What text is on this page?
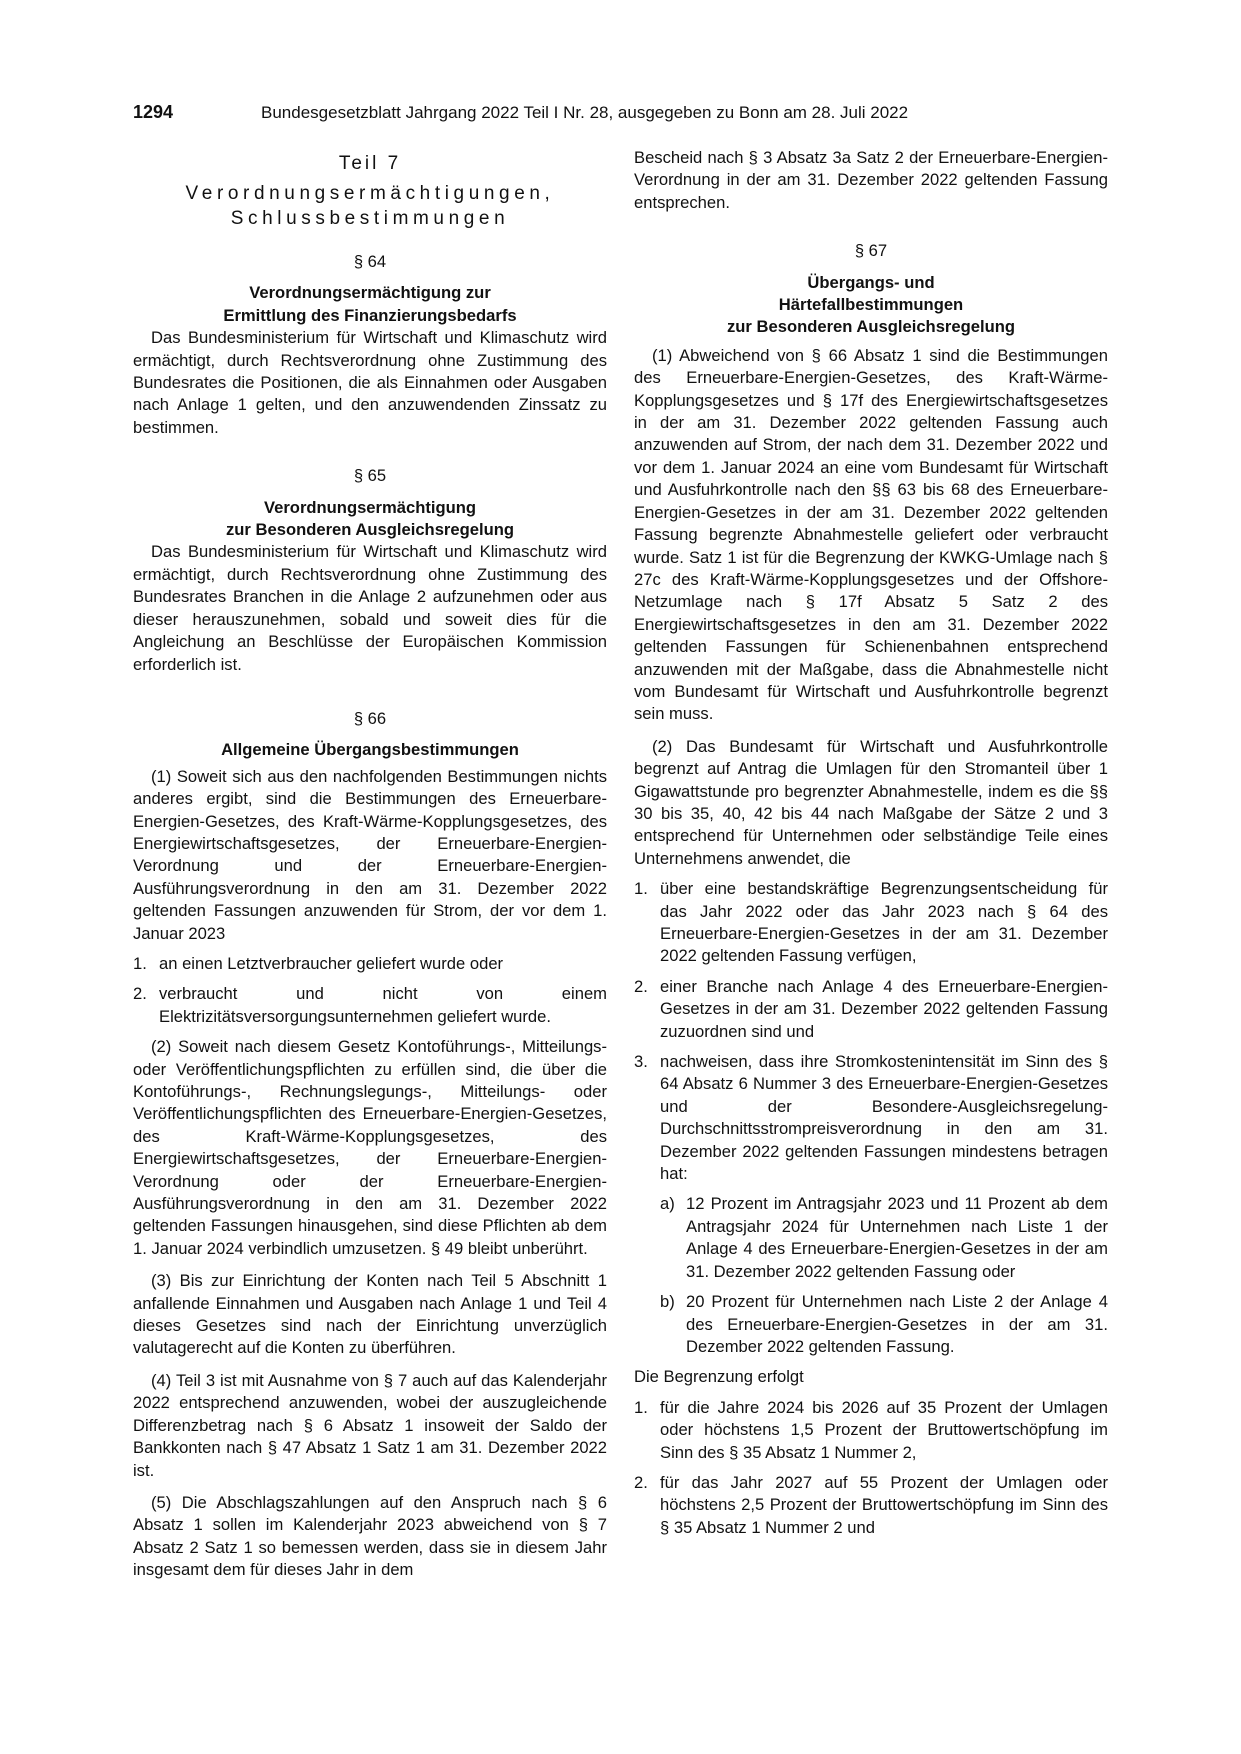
1294	Bundesgesetzblatt Jahrgang 2022 Teil I Nr. 28, ausgegeben zu Bonn am 28. Juli 2022
Teil 7
Verordnungsermächtigungen,
Schlussbestimmungen
§ 64
Verordnungsermächtigung zur
Ermittlung des Finanzierungsbedarfs

Das Bundesministerium für Wirtschaft und Klimaschutz wird ermächtigt, durch Rechtsverordnung ohne Zustimmung des Bundesrates die Positionen, die als Einnahmen oder Ausgaben nach Anlage 1 gelten, und den anzuwendenden Zinssatz zu bestimmen.

§ 65
Verordnungsermächtigung
zur Besonderen Ausgleichsregelung

Das Bundesministerium für Wirtschaft und Klimaschutz wird ermächtigt, durch Rechtsverordnung ohne Zustimmung des Bundesrates Branchen in die Anlage 2 aufzunehmen oder aus dieser herauszunehmen, sobald und soweit dies für die Angleichung an Beschlüsse der Europäischen Kommission erforderlich ist.

§ 66
Allgemeine Übergangsbestimmungen

(1) Soweit sich aus den nachfolgenden Bestimmungen nichts anderes ergibt, sind die Bestimmungen des Erneuerbare-Energien-Gesetzes, des Kraft-Wärme-Kopplungsgesetzes, des Energiewirtschaftsgesetzes, der Erneuerbare-Energien-Verordnung und der Erneuerbare-Energien-Ausführungsverordnung in den am 31. Dezember 2022 geltenden Fassungen anzuwenden für Strom, der vor dem 1. Januar 2023

1. an einen Letztverbraucher geliefert wurde oder
2. verbraucht und nicht von einem Elektrizitätsversorgungsunternehmen geliefert wurde.

(2) Soweit nach diesem Gesetz Kontoführungs-, Mitteilungs- oder Veröffentlichungspflichten zu erfüllen sind, die über die Kontoführungs-, Rechnungslegungs-, Mitteilungs- oder Veröffentlichungspflichten des Erneuerbare-Energien-Gesetzes, des Kraft-Wärme-Kopplungsgesetzes, des Energiewirtschaftsgesetzes, der Erneuerbare-Energien-Verordnung oder der Erneuerbare-Energien-Ausführungsverordnung in den am 31. Dezember 2022 geltenden Fassungen hinausgehen, sind diese Pflichten ab dem 1. Januar 2024 verbindlich umzusetzen. § 49 bleibt unberührt.

(3) Bis zur Einrichtung der Konten nach Teil 5 Abschnitt 1 anfallende Einnahmen und Ausgaben nach Anlage 1 und Teil 4 dieses Gesetzes sind nach der Einrichtung unverzüglich valutagerecht auf die Konten zu überführen.

(4) Teil 3 ist mit Ausnahme von § 7 auch auf das Kalenderjahr 2022 entsprechend anzuwenden, wobei der auszugleichende Differenzbetrag nach § 6 Absatz 1 insoweit der Saldo der Bankkonten nach § 47 Absatz 1 Satz 1 am 31. Dezember 2022 ist.

(5) Die Abschlagszahlungen auf den Anspruch nach § 6 Absatz 1 sollen im Kalenderjahr 2023 abweichend von § 7 Absatz 2 Satz 1 so bemessen werden, dass sie in diesem Jahr insgesamt dem für dieses Jahr in dem

Bescheid nach § 3 Absatz 3a Satz 2 der Erneuerbare-Energien-Verordnung in der am 31. Dezember 2022 geltenden Fassung entsprechen.

§ 67
Übergangs- und
Härtefallbestimmungen
zur Besonderen Ausgleichsregelung

(1) Abweichend von § 66 Absatz 1 sind die Bestimmungen des Erneuerbare-Energien-Gesetzes, des Kraft-Wärme-Kopplungsgesetzes und § 17f des Energiewirtschaftsgesetzes in der am 31. Dezember 2022 geltenden Fassung auch anzuwenden auf Strom, der nach dem 31. Dezember 2022 und vor dem 1. Januar 2024 an eine vom Bundesamt für Wirtschaft und Ausfuhrkontrolle nach den §§ 63 bis 68 des Erneuerbare-Energien-Gesetzes in der am 31. Dezember 2022 geltenden Fassung begrenzte Abnahmestelle geliefert oder verbraucht wurde. Satz 1 ist für die Begrenzung der KWKG-Umlage nach § 27c des Kraft-Wärme-Kopplungsgesetzes und der Offshore-Netzumlage nach § 17f Absatz 5 Satz 2 des Energiewirtschaftsgesetzes in den am 31. Dezember 2022 geltenden Fassungen für Schienenbahnen entsprechend anzuwenden mit der Maßgabe, dass die Abnahmestelle nicht vom Bundesamt für Wirtschaft und Ausfuhrkontrolle begrenzt sein muss.

(2) Das Bundesamt für Wirtschaft und Ausfuhrkontrolle begrenzt auf Antrag die Umlagen für den Stromanteil über 1 Gigawattstunde pro begrenzter Abnahmestelle, indem es die §§ 30 bis 35, 40, 42 bis 44 nach Maßgabe der Sätze 2 und 3 entsprechend für Unternehmen oder selbständige Teile eines Unternehmens anwendet, die

1. über eine bestandskräftige Begrenzungsentscheidung für das Jahr 2022 oder das Jahr 2023 nach § 64 des Erneuerbare-Energien-Gesetzes in der am 31. Dezember 2022 geltenden Fassung verfügen,
2. einer Branche nach Anlage 4 des Erneuerbare-Energien-Gesetzes in der am 31. Dezember 2022 geltenden Fassung zuzuordnen sind und
3. nachweisen, dass ihre Stromkostenintensität im Sinn des § 64 Absatz 6 Nummer 3 des Erneuerbare-Energien-Gesetzes und der Besondere-Ausgleichsregelung-Durchschnittsstrompreisverordnung in den am 31. Dezember 2022 geltenden Fassungen mindestens betragen hat:
a) 12 Prozent im Antragsjahr 2023 und 11 Prozent ab dem Antragsjahr 2024 für Unternehmen nach Liste 1 der Anlage 4 des Erneuerbare-Energien-Gesetzes in der am 31. Dezember 2022 geltenden Fassung oder
b) 20 Prozent für Unternehmen nach Liste 2 der Anlage 4 des Erneuerbare-Energien-Gesetzes in der am 31. Dezember 2022 geltenden Fassung.

Die Begrenzung erfolgt

1. für die Jahre 2024 bis 2026 auf 35 Prozent der Umlagen oder höchstens 1,5 Prozent der Bruttowertschöpfung im Sinn des § 35 Absatz 1 Nummer 2,
2. für das Jahr 2027 auf 55 Prozent der Umlagen oder höchstens 2,5 Prozent der Bruttowertschöpfung im Sinn des § 35 Absatz 1 Nummer 2 und
